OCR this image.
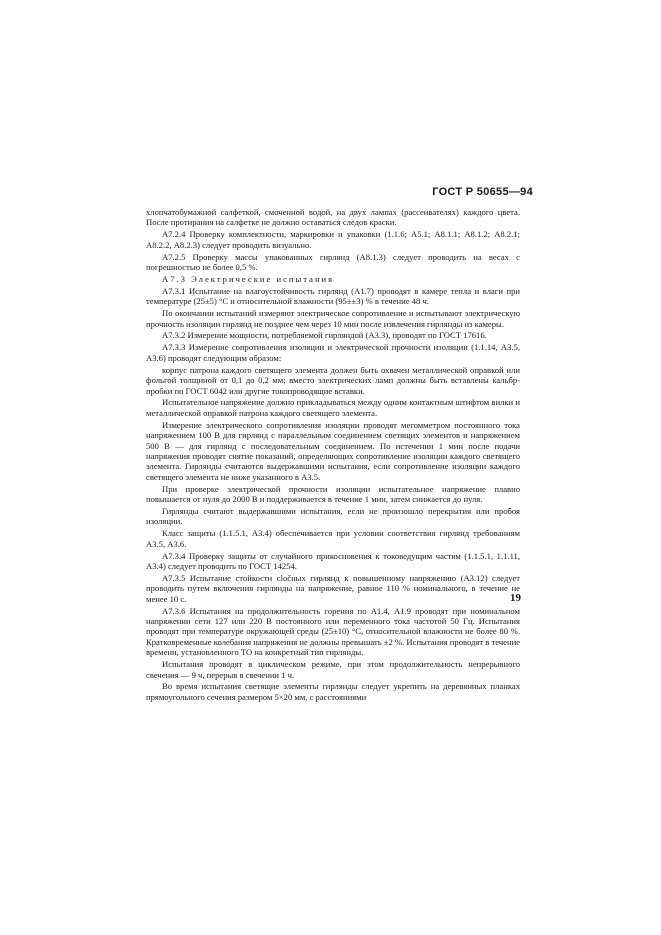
ГОСТ Р 50655—94

хлопчатобумажной салфеткой, смоченной водой, на двух лампах (рассеивателях) каждого цвета. После протирания на салфетке не должно оставаться следов краски.

А7.2.4 Проверку комплектности, маркировки и упаковки (1.1.6; А5.1; А8.1.1; А8.1.2; А8.2.1; А8.2.2, А8.2.3) следует проводить визуально.

А7.2.5 Проверку массы упакованных гирлянд (А8.1.3) следует проводить на весах с погрешностью не более 0,5 %.

А7.3 Электрические испытания

А7.3.1 Испытание на влагоустойчивость гирлянд (А1.7) проводят в камере тепла и влаги при температуре (25±5) °С и относительной влажности (95±±3) % в течение 48 ч.

По окончании испытаний измеряют электрическое сопротивление и испытывают электрическую прочность изоляции гирлянд не позднее чем через 10 мин после извлечения гирлянды из камеры.

А7.3.2 Измерение мощности, потребляемой гирляндой (А3.3), проводят по ГОСТ 17616.

А7.3.3 Измерение сопротивления изоляции и электрической прочности изоляции (1.1.14, А3.5, А3.6) проводят следующим образом:

корпус патрона каждого светящего элемента должен быть охвачен металлической оправкой или фольгой толщиной от 0,1 до 0,2 мм; вместо электрических ламп должны быть вставлены кальбр-пробки по ГОСТ 6042 или другие токопроводящие вставки.

Испытательное напряжение должно прикладываться между одним контактным штифтом вилки и металлической оправкой патрона каждого светящего элемента.

Измерение электрического сопротивления изоляции проводят мегомметром постоянного тока напряжением 100 В для гирлянд с параллельным соединением светящих элементов и напряжением 500 В — для гирлянд с последовательным соединением. По истечении 1 мин после подачи напряжения проводят снятие показаний, определяющих сопротивление изоляции каждого светящего элемента. Гирлянды считаются выдержавшими испытания, если сопротивление изоляции каждого светящего элемента не ниже указанного в А3.5.

При проверке электрической прочности изоляции испытательное напряжение плавно повышается от нуля до 2000 В и поддерживается в течение 1 мин, затем снижается до нуля.

Гирлянды считают выдержавшими испытания, если не произошло перекрытия или пробоя изоляции.

Класс защиты (1.1.5.1, А3.4) обеспечивается при условии соответствия гирлянд требованиям А3.5, А3.6.

А7.3.4 Проверку защиты от случайного прикосновения к токоведущим частям (1.1.5.1, 1.1.11, А3.4) следует проводить по ГОСТ 14254.

А7.3.5 Испытание стойкости сločных гирлянд к повышенному напряжению (А3.12) следует проводить путем включения гирлянды на напряжение, равное 110 % номинального, в течение не менее 10 с.

А7.3.6 Испытания на продолжительность горения по А1.4, А1.9 проводят при номинальном напряжении сети 127 или 220 В постоянного или переменного тока частотой 50 Гц. Испытания проводят при температуре окружающей среды (25±10) °С, относительной влажности не более 80 %. Кратковременные колебания напряжения не должны превышать ±2 %. Испытания проводят в течение времени, установленного ТО на конкретный тип гирлянды.

Испытания проводят в циклическом режиме, при этом продолжительность непрерывного свечения — 9 ч, перерыв в свечении 1 ч.

Во время испытания светящие элементы гирлянды следует укрепить на деревянных планках прямоугольного сечения размером 5×20 мм, с расстояниями

19
